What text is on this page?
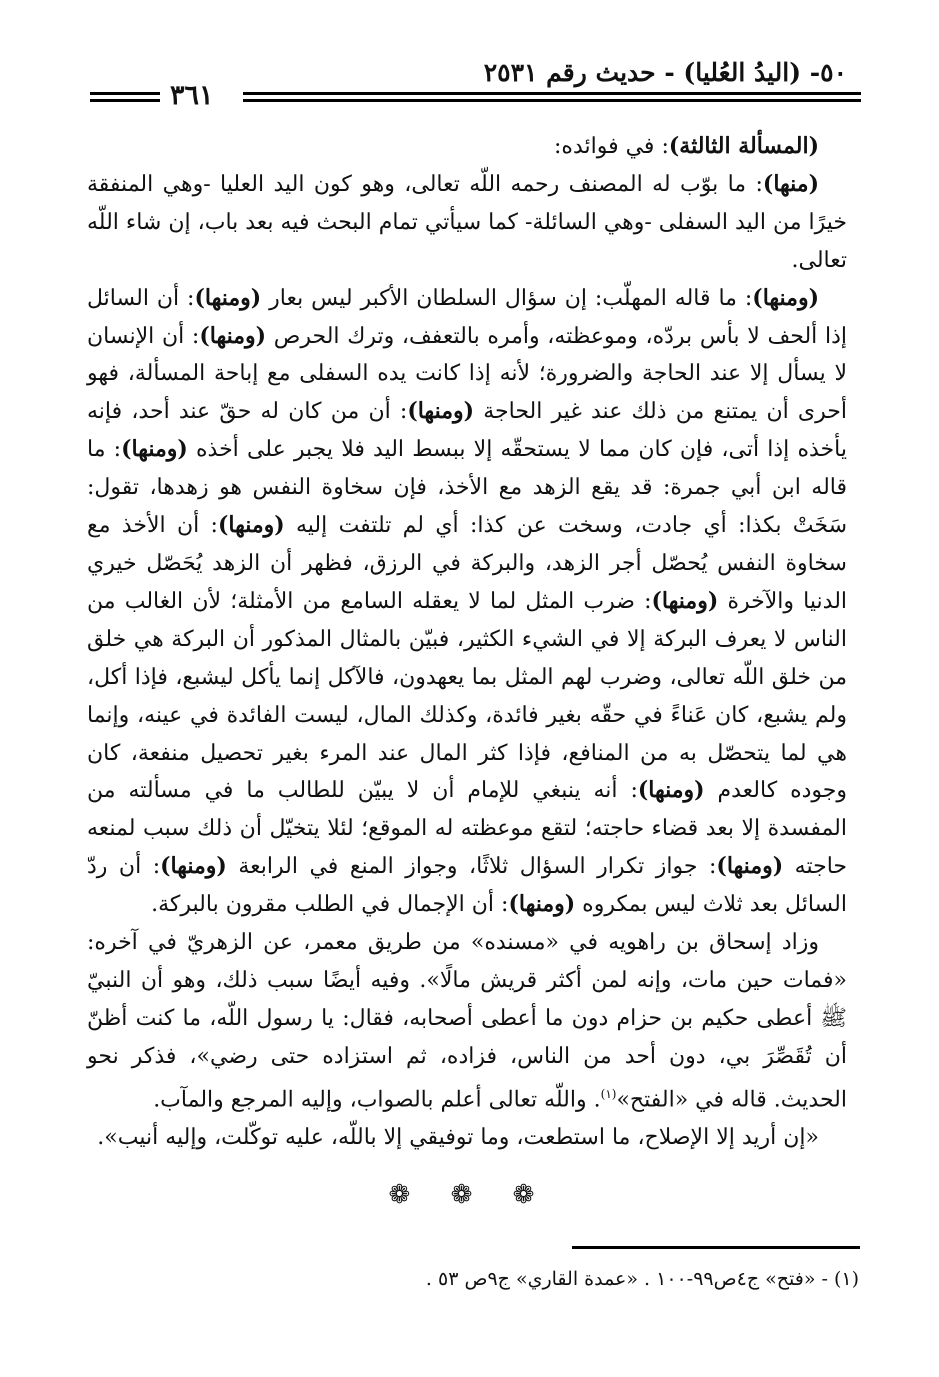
٥٠- (اليدُ العُليا) - حديث رقم ٢٥٣١
٣٦١

(المسألة الثالثة): في فوائده:

(منها): ما بوّب له المصنف رحمه اللّه تعالى، وهو كون اليد العليا -وهي المنفقة خيرًا من اليد السفلى -وهي السائلة- كما سيأتي تمام البحث فيه بعد باب، إن شاء اللّه تعالى.

(ومنها): ما قاله المهلّب: إن سؤال السلطان الأكبر ليس بعار (ومنها): أن السائل إذا ألحف لا بأس بردّه، وموعظته، وأمره بالتعفف، وترك الحرص (ومنها): أن الإنسان لا يسأل إلا عند الحاجة والضرورة؛ لأنه إذا كانت يده السفلى مع إباحة المسألة، فهو أحرى أن يمتنع من ذلك عند غير الحاجة (ومنها): أن من كان له حقّ عند أحد، فإنه يأخذه إذا أتى، فإن كان مما لا يستحقّه إلا ببسط اليد فلا يجبر على أخذه (ومنها): ما قاله ابن أبي جمرة: قد يقع الزهد مع الأخذ، فإن سخاوة النفس هو زهدها، تقول: سَخَتْ بكذا: أي جادت، وسخت عن كذا: أي لم تلتفت إليه (ومنها): أن الأخذ مع سخاوة النفس يُحصّل أجر الزهد، والبركة في الرزق، فظهر أن الزهد يُحَصّل خيري الدنيا والآخرة (ومنها): ضرب المثل لما لا يعقله السامع من الأمثلة؛ لأن الغالب من الناس لا يعرف البركة إلا في الشيء الكثير، فبيّن بالمثال المذكور أن البركة هي خلق من خلق اللّه تعالى، وضرب لهم المثل بما يعهدون، فالآكل إنما يأكل ليشبع، فإذا أكل، ولم يشبع، كان عَناءً في حقّه بغير فائدة، وكذلك المال، ليست الفائدة في عينه، وإنما هي لما يتحصّل به من المنافع، فإذا كثر المال عند المرء بغير تحصيل منفعة، كان وجوده كالعدم (ومنها): أنه ينبغي للإمام أن لا يبيّن للطالب ما في مسألته من المفسدة إلا بعد قضاء حاجته؛ لتقع موعظته له الموقع؛ لئلا يتخيّل أن ذلك سبب لمنعه حاجته (ومنها): جواز تكرار السؤال ثلاثًا، وجواز المنع في الرابعة (ومنها): أن ردّ السائل بعد ثلاث ليس بمكروه (ومنها): أن الإجمال في الطلب مقرون بالبركة.

وزاد إسحاق بن راهويه في «مسنده» من طريق معمر، عن الزهريّ في آخره: «فمات حين مات، وإنه لمن أكثر قريش مالًا». وفيه أيضًا سبب ذلك، وهو أن النبيّ ﷺ أعطى حكيم بن حزام دون ما أعطى أصحابه، فقال: يا رسول اللّه، ما كنت أظنّ أن تُقَصِّرَ بي، دون أحد من الناس، فزاده، ثم استزاده حتى رضي»، فذكر نحو الحديث. قاله في «الفتح»$^{(١)}$. واللّه تعالى أعلم بالصواب، وإليه المرجع والمآب.

«إن أريد إلا الإصلاح، ما استطعت، وما توفيقي إلا باللّه، عليه توكّلت، وإليه أنيب».

❁ ❁ ❁
(١) - «فتح» ج٤ص٩٩-١٠٠ . «عمدة القاري» ج٩ص ٥٣ .
